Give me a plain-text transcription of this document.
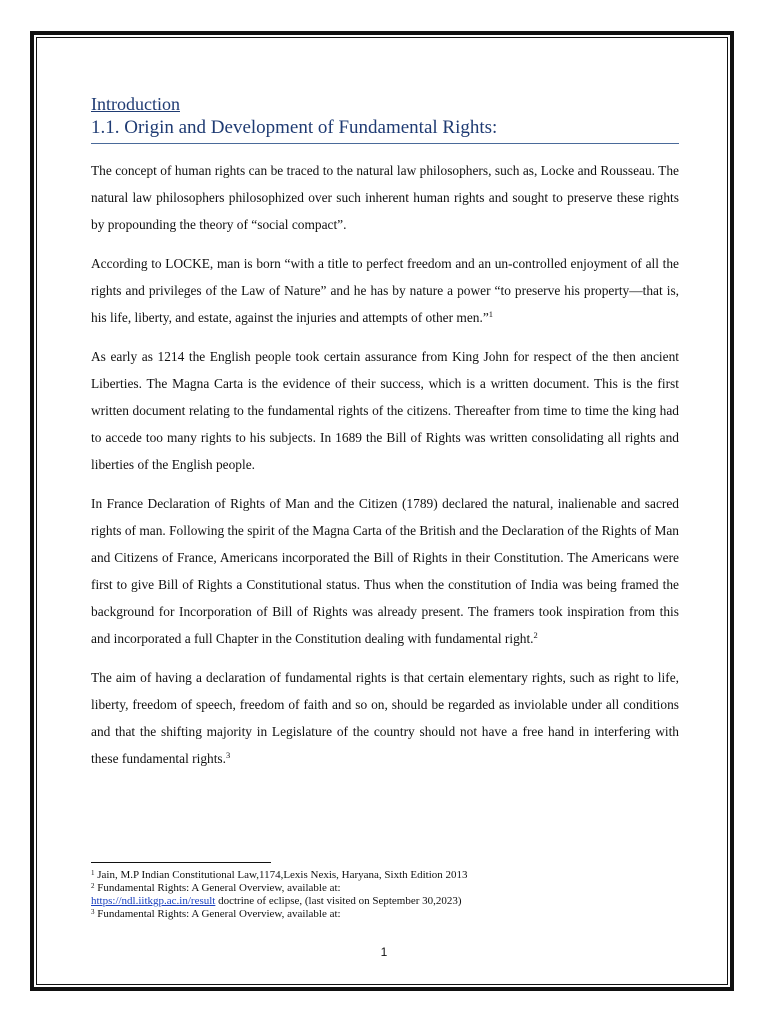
Introduction
1.1. Origin and Development of Fundamental Rights:

The concept of human rights can be traced to the natural law philosophers, such as, Locke and Rousseau. The natural law philosophers philosophized over such inherent human rights and sought to preserve these rights by propounding the theory of “social compact”.

According to LOCKE, man is born “with a title to perfect freedom and an un-controlled enjoyment of all the rights and privileges of the Law of Nature” and he has by nature a power “to preserve his property—that is, his life, liberty, and estate, against the injuries and attempts of other men.”$^1$

As early as 1214 the English people took certain assurance from King John for respect of the then ancient Liberties. The Magna Carta is the evidence of their success, which is a written document. This is the first written document relating to the fundamental rights of the citizens. Thereafter from time to time the king had to accede too many rights to his subjects. In 1689 the Bill of Rights was written consolidating all rights and liberties of the English people.

In France Declaration of Rights of Man and the Citizen (1789) declared the natural, inalienable and sacred rights of man. Following the spirit of the Magna Carta of the British and the Declaration of the Rights of Man and Citizens of France, Americans incorporated the Bill of Rights in their Constitution. The Americans were first to give Bill of Rights a Constitutional status. Thus when the constitution of India was being framed the background for Incorporation of Bill of Rights was already present. The framers took inspiration from this and incorporated a full Chapter in the Constitution dealing with fundamental right.$^2$

The aim of having a declaration of fundamental rights is that certain elementary rights, such as right to life, liberty, freedom of speech, freedom of faith and so on, should be regarded as inviolable under all conditions and that the shifting majority in Legislature of the country should not have a free hand in interfering with these fundamental rights.$^3$

$^1$ Jain, M.P Indian Constitutional Law,1174,Lexis Nexis, Haryana, Sixth Edition 2013
$^2$ Fundamental Rights: A General Overview, available at:
https://ndl.iitkgp.ac.in/result doctrine of eclipse, (last visited on September 30,2023)
$^3$ Fundamental Rights: A General Overview, available at:
1
